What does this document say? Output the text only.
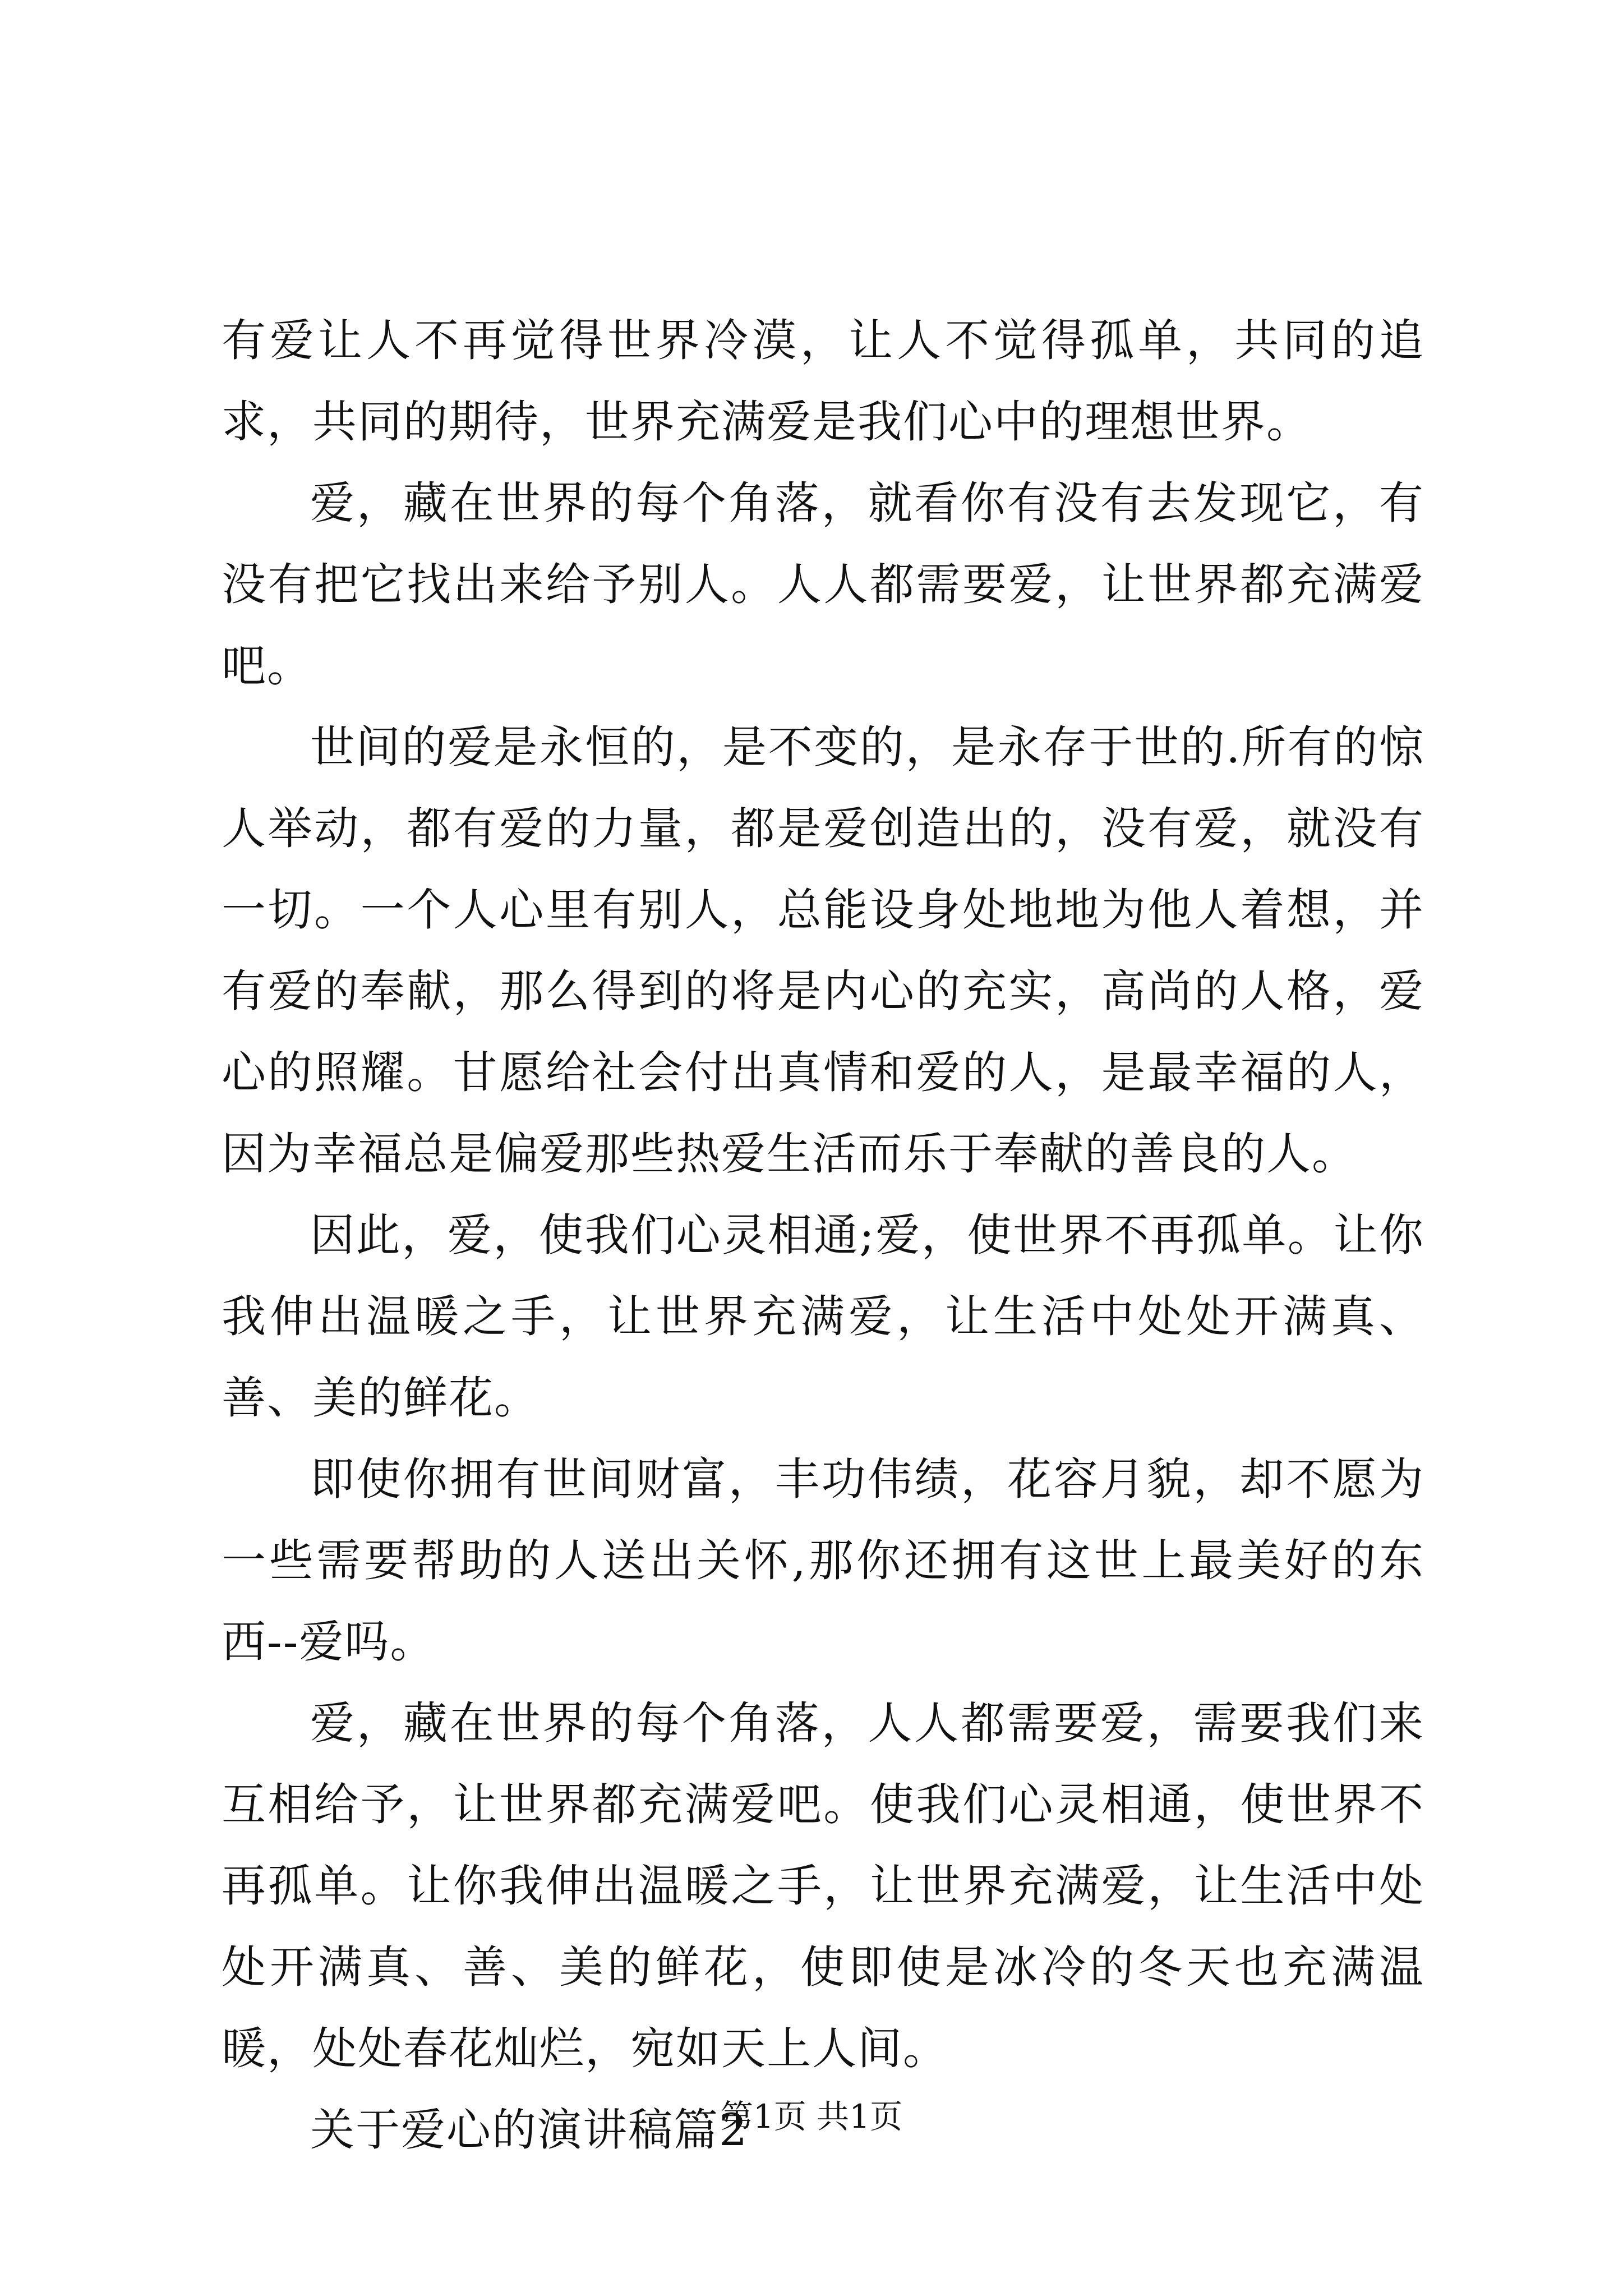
有爱让人不再觉得世界冷漠，让人不觉得孤单，共同的追求，共同的期待，世界充满爱是我们心中的理想世界。

爱，藏在世界的每个角落，就看你有没有去发现它，有没有把它找出来给予别人。人人都需要爱，让世界都充满爱吧。

世间的爱是永恒的，是不变的，是永存于世的.所有的惊人举动，都有爱的力量，都是爱创造出的，没有爱，就没有一切。一个人心里有别人，总能设身处地地为他人着想，并有爱的奉献，那么得到的将是内心的充实，高尚的人格，爱心的照耀。甘愿给社会付出真情和爱的人，是最幸福的人，因为幸福总是偏爱那些热爱生活而乐于奉献的善良的人。

因此，爱，使我们心灵相通;爱，使世界不再孤单。让你我伸出温暖之手，让世界充满爱，让生活中处处开满真、善、美的鲜花。

即使你拥有世间财富，丰功伟绩，花容月貌，却不愿为一些需要帮助的人送出关怀,那你还拥有这世上最美好的东西--爱吗。

爱，藏在世界的每个角落，人人都需要爱，需要我们来互相给予，让世界都充满爱吧。使我们心灵相通，使世界不再孤单。让你我伸出温暖之手，让世界充满爱，让生活中处处开满真、善、美的鲜花，使即使是冰冷的冬天也充满温暖，处处春花灿烂，宛如天上人间。

关于爱心的演讲稿篇2

第1页 共1页
